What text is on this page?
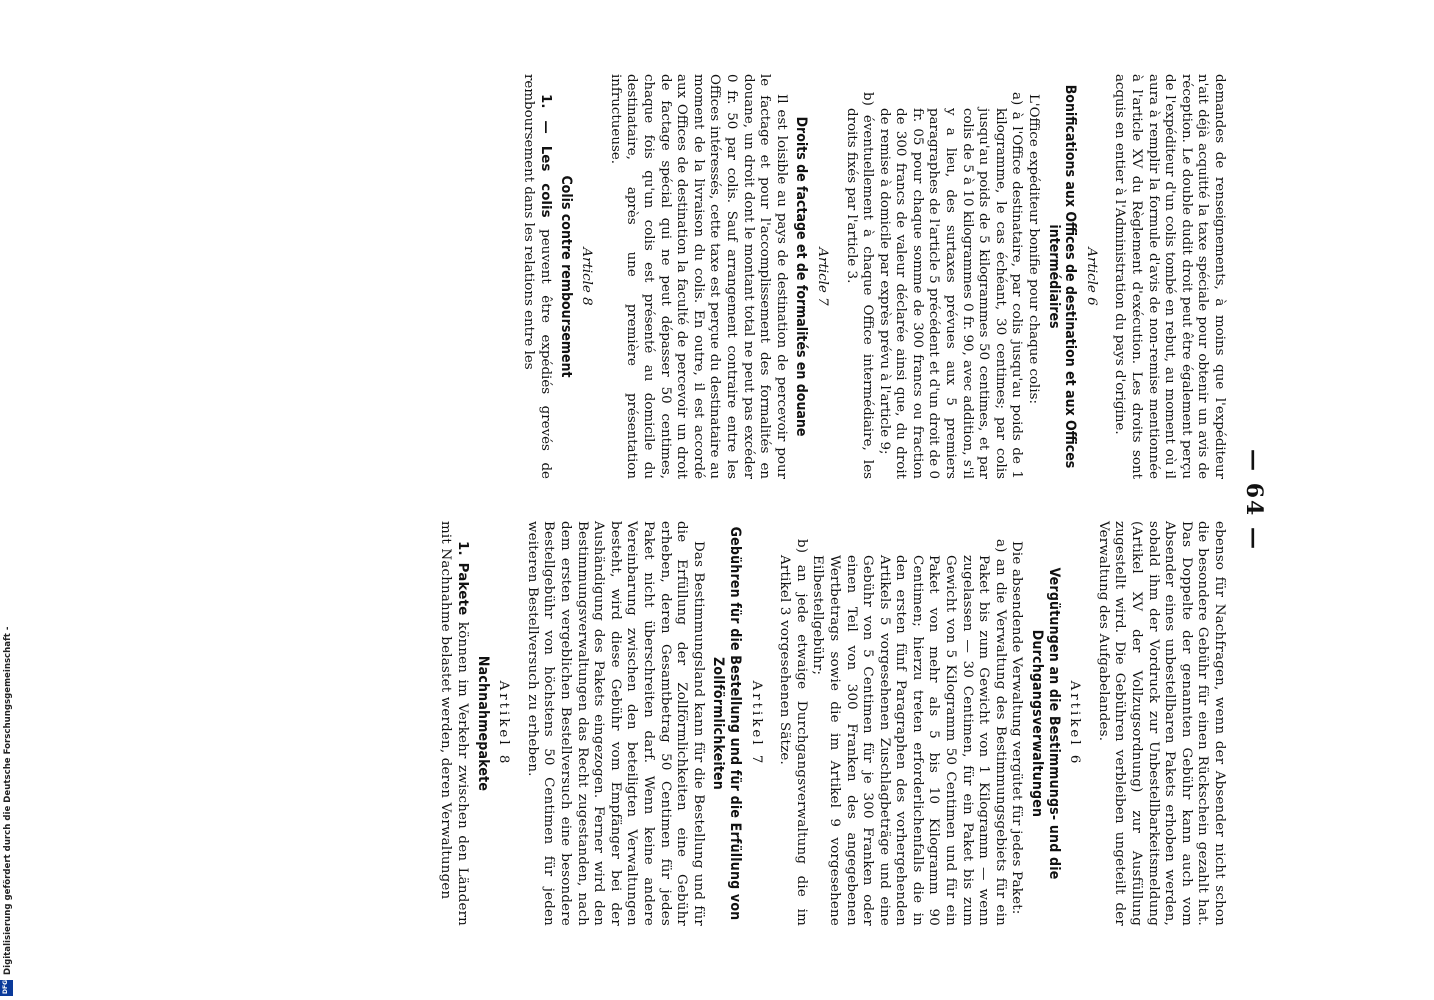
— 64 —

demandes de renseignements, à moins que l'expéditeur n'ait déjà acquitté la taxe spéciale pour obtenir un avis de réception. Le double dudit droit peut être également perçu de l'expéditeur d'un colis tombé en rebut, au moment où il aura à remplir la formule d'avis de non-remise mentionnée à l'article XV du Règlement d'exécution. Les droits sont acquis en entier à l'Administration du pays d'origine.

Article 6
Bonifications aux Offices de destination et aux Offices intermédiaires

L'Office expéditeur bonifie pour chaque colis:

a) à l'Office destinataire, par colis jusqu'au poids de 1 kilogramme, le cas échéant, 30 centimes; par colis jusqu'au poids de 5 kilogrammes 50 centimes, et par colis de 5 à 10 kilogrammes 0 fr. 90, avec addition, s'il y a lieu, des surtaxes prévues aux 5 premiers paragraphes de l'article 5 précédent et d'un droit de 0 fr. 05 pour chaque somme de 300 francs ou fraction de 300 francs de valeur déclarée ainsi que, du droit de remise à domicile par exprès prévu à l'article 9;

b) éventuellement à chaque Office intermédiaire, les droits fixés par l'article 3.

Article 7
Droits de factage et de formalités en douane

Il est loisible au pays de destination de percevoir pour le factage et pour l'accomplissement des formalités en douane, un droit dont le montant total ne peut pas excéder 0 fr. 50 par colis. Sauf arrangement contraire entre les Offices intéressés, cette taxe est perçue du destinataire au moment de la livraison du colis. En outre, il est accordé aux Offices de destination la faculté de percevoir un droit de factage spécial qui ne peut dépasser 50 centimes, chaque fois qu'un colis est présenté au domicile du destinataire, après une première présentation infructueuse.

Article 8
Colis contre remboursement

1. — Les colis peuvent être expédiés grevés de remboursement dans les relations entre les

ebenso für Nachfragen, wenn der Absender nicht schon die besondere Gebühr für einen Rückschein gezahlt hat. Das Doppelte der genannten Gebühr kann auch vom Absender eines unbestellbaren Pakets erhoben werden, sobald ihm der Vordruck zur Unbestellbarkeitsmeldung (Artikel XV der Vollzugsordnung) zur Ausfüllung zugestellt wird. Die Gebühren verbleiben ungeteilt der Verwaltung des Aufgabelandes.

Artikel 6
Vergütungen an die Bestimmungs- und die Durchgangsverwaltungen

Die absendende Verwaltung vergütet für jedes Paket:

a) an die Verwaltung des Bestimmungsgebiets für ein Paket bis zum Gewicht von 1 Kilogramm — wenn zugelassen — 30 Centimen, für ein Paket bis zum Gewicht von 5 Kilogramm 50 Centimen und für ein Paket von mehr als 5 bis 10 Kilogramm 90 Centimen; hierzu treten erforderlichenfalls die in den ersten fünf Paragraphen des vorhergehenden Artikels 5 vorgesehenen Zuschlagbeträge und eine Gebühr von 5 Centimen für je 300 Franken oder einen Teil von 300 Franken des angegebenen Wertbetrags sowie die im Artikel 9 vorgesehene Eilbestellgebühr;

b) an jede etwaige Durchgangsverwaltung die im Artikel 3 vorgesehenen Sätze.

Artikel 7
Gebühren für die Bestellung und für die Erfüllung von Zollförmlichkeiten

Das Bestimmungsland kann für die Bestellung und für die Erfüllung der Zollförmlichkeiten eine Gebühr erheben, deren Gesamtbetrag 50 Centimen für jedes Paket nicht überschreiten darf. Wenn keine andere Vereinbarung zwischen den beteiligten Verwaltungen besteht, wird diese Gebühr vom Empfänger bei der Aushändigung des Pakets eingezogen. Ferner wird den Bestimmungsverwaltungen das Recht zugestanden, nach dem ersten vergeblichen Bestellversuch eine besondere Bestellgebühr von höchstens 50 Centimen für jeden weiteren Bestellversuch zu erheben.

Artikel 8
Nachnahmepakete

1. Pakete können im Verkehr zwischen den Ländern mit Nachnahme belastet werden, deren Verwaltungen

Digitalisierung gefördert durch die Deutsche Forschungsgemeinschaft -
DFG
